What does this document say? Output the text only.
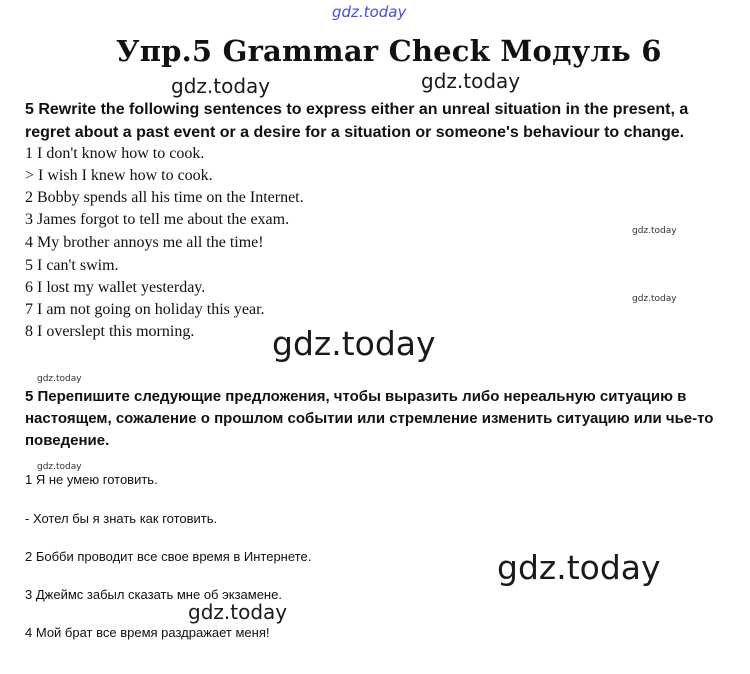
gdz.today
Упр.5 Grammar Check Модуль 6
gdz.today	gdz.today
5 Rewrite the following sentences to express either an unreal situation in the present, a regret about a past event or a desire for a situation or someone's behaviour to change.
1 I don't know how to cook.
> I wish I knew how to cook.
2 Bobby spends all his time on the Internet.
3 James forgot to tell me about the exam.
4 My brother annoys me all the time!
5 I can't swim.
6 I lost my wallet yesterday.
7 I am not going on holiday this year.
8 I overslept this morning.
gdz.today
gdz.today
gdz.today
gdz.today
5 Перепишите следующие предложения, чтобы выразить либо нереальную ситуацию в настоящем, сожаление о прошлом событии или стремление изменить ситуацию или чье-то поведение.
gdz.today
1 Я не умею готовить.
- Хотел бы я знать как готовить.
2 Бобби проводит все свое время в Интернете.
3 Джеймс забыл сказать мне об экзамене.
4 Мой брат все время раздражает меня!
gdz.today
gdz.today
